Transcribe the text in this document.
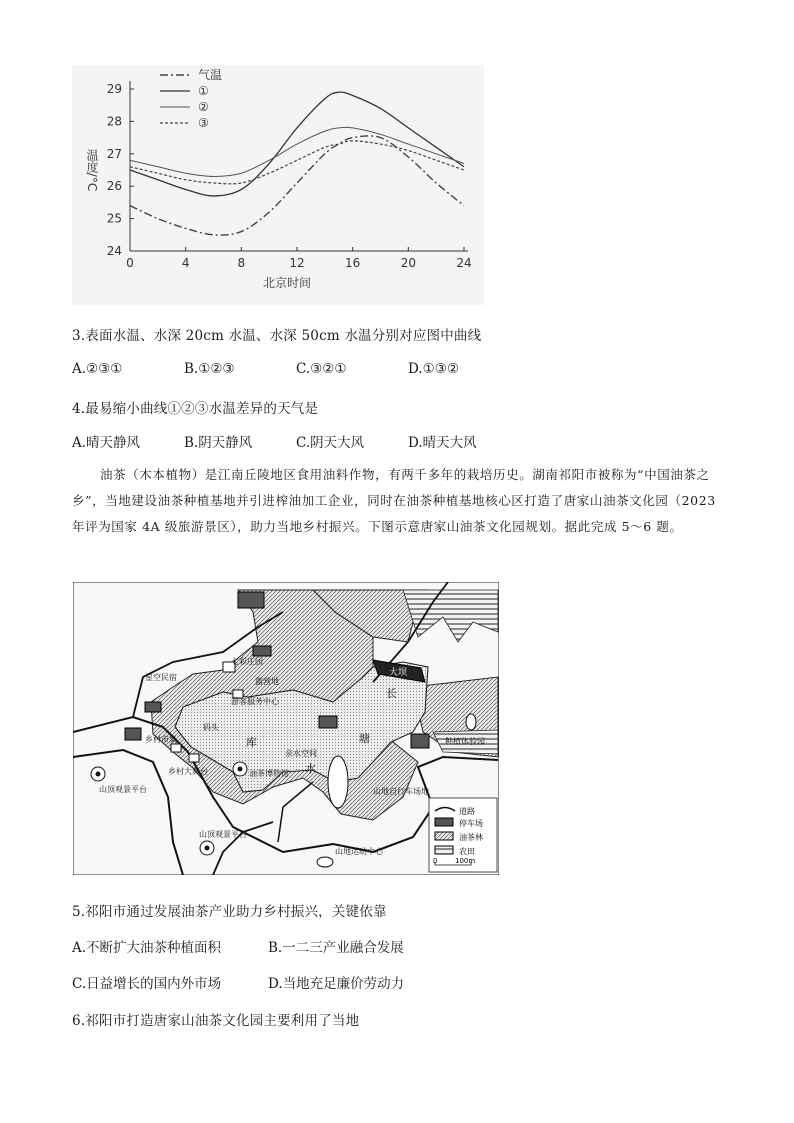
24
25
26
27
28
29
0	4	8	12	16	20	24
北京时间
温度/°C
气温
①
②
③
3.表面水温、水深 20cm 水温、水深 50cm 水温分别对应图中曲线
A.②③①	B.①②③	C.③②①	D.①③②
4.最易缩小曲线①②③水温差异的天气是
A.晴天静风	B.阴天静风	C.阴天大风	D.晴天大风
油茶（木本植物）是江南丘陵地区食用油料作物，有两千多年的栽培历史。湖南祁阳市被称为“中国油茶之乡”，当地建设油茶种植基地并引进榨油加工企业，同时在油茶种植基地核心区打造了唐家山油茶文化园（2023 年评为国家 4A 级旅游景区），助力当地乡村振兴。下图示意唐家山油茶文化园规划。据此完成 5～6 题。
大坝
星空民宿
七彩庄园
露营地
游客服务中心
码头
乡村市集
乡村大舞台
亲水空间
油茶博物馆
山地自行车场地
种植体验园
山顶观景平台
山顶观景平台
山地运动中心
长
塘
库
水
道路
停车场
油茶林
农田
0	100m
5.祁阳市通过发展油茶产业助力乡村振兴，关键依靠
A.不断扩大油茶种植面积	B.一二三产业融合发展
C.日益增长的国内外市场	D.当地充足廉价劳动力
6.祁阳市打造唐家山油茶文化园主要利用了当地
